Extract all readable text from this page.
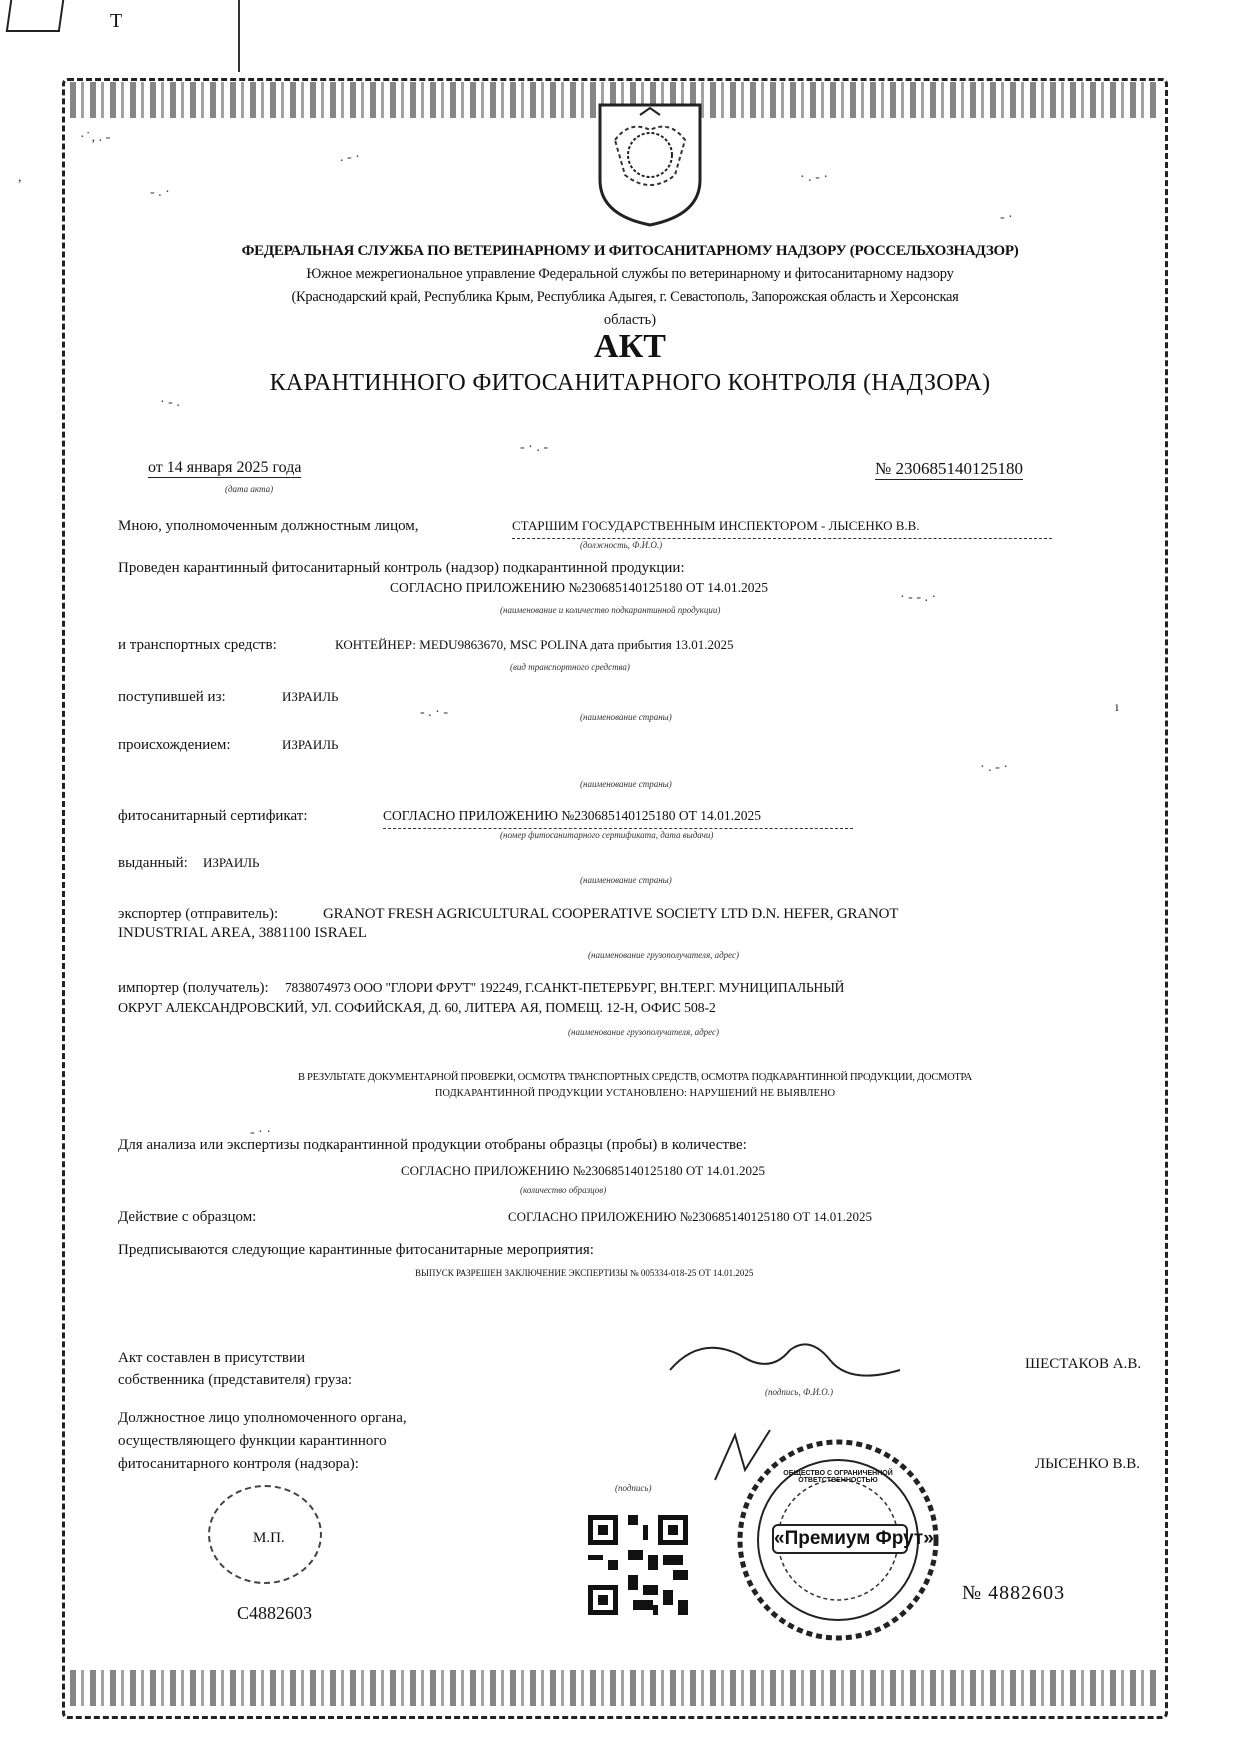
Т
ФЕДЕРАЛЬНАЯ СЛУЖБА ПО ВЕТЕРИНАРНОМУ И ФИТОСАНИТАРНОМУ НАДЗОРУ (РОССЕЛЬХОЗНАДЗОР)
Южное межрегиональное управление Федеральной службы по ветеринарному и фитосанитарному надзору
(Краснодарский край, Республика Крым, Республика Адыгея, г. Севастополь, Запорожская область и Херсонская
область)
АКТ
КАРАНТИННОГО ФИТОСАНИТАРНОГО КОНТРОЛЯ (НАДЗОРА)
от 14 января 2025 года
(дата акта)
№ 230685140125180
Мною, уполномоченным должностным лицом,	СТАРШИМ ГОСУДАРСТВЕННЫМ ИНСПЕКТОРОМ - ЛЫСЕНКО В.В.
(должность, Ф.И.О.)
Проведен карантинный фитосанитарный контроль (надзор) подкарантинной продукции:
СОГЛАСНО ПРИЛОЖЕНИЮ №230685140125180 ОТ 14.01.2025
(наименование и количество подкарантинной продукции)
и транспортных средств:	КОНТЕЙНЕР: MEDU9863670, MSC POLINA дата прибытия 13.01.2025
(вид транспортного средства)
поступившей из:	ИЗРАИЛЬ
(наименование страны)
происхождением:	ИЗРАИЛЬ
(наименование страны)
фитосанитарный сертификат:	СОГЛАСНО ПРИЛОЖЕНИЮ №230685140125180 ОТ 14.01.2025
(номер фитосанитарного сертификата, дата выдачи)
выданный: ИЗРАИЛЬ
(наименование страны)
экспортер (отправитель):	GRANOT FRESH AGRICULTURAL COOPERATIVE SOCIETY LTD D.N. HEFER, GRANOT
INDUSTRIAL AREA, 3881100 ISRAEL
(наименование грузополучателя, адрес)
импортер (получатель): 7838074973 ООО "ГЛОРИ ФРУТ" 192249, Г.САНКТ-ПЕТЕРБУРГ, ВН.ТЕР.Г. МУНИЦИПАЛЬНЫЙ
ОКРУГ АЛЕКСАНДРОВСКИЙ, УЛ. СОФИЙСКАЯ, Д. 60, ЛИТЕРА АЯ, ПОМЕЩ. 12-Н, ОФИС 508-2
(наименование грузополучателя, адрес)
В РЕЗУЛЬТАТЕ ДОКУМЕНТАРНОЙ ПРОВЕРКИ, ОСМОТРА ТРАНСПОРТНЫХ СРЕДСТВ, ОСМОТРА ПОДКАРАНТИННОЙ ПРОДУКЦИИ, ДОСМОТРА
ПОДКАРАНТИННОЙ ПРОДУКЦИИ УСТАНОВЛЕНО: НАРУШЕНИЙ НЕ ВЫЯВЛЕНО
Для анализа или экспертизы подкарантинной продукции отобраны образцы (пробы) в количестве:
СОГЛАСНО ПРИЛОЖЕНИЮ №230685140125180 ОТ 14.01.2025
(количество образцов)
Действие с образцом:	СОГЛАСНО ПРИЛОЖЕНИЮ №230685140125180 ОТ 14.01.2025
Предписываются следующие карантинные фитосанитарные мероприятия:
ВЫПУСК РАЗРЕШЕН ЗАКЛЮЧЕНИЕ ЭКСПЕРТИЗЫ № 005334-018-25 ОТ 14.01.2025
Акт составлен в присутствии
собственника (представителя) груза:
(подпись, Ф.И.О.)
ШЕСТАКОВ А.В.
Должностное лицо уполномоченного органа,
осуществляющего функции карантинного
фитосанитарного контроля (надзора):
(подпись)
ЛЫСЕНКО В.В.
М.П.
С4882603
№ 4882603
«Премиум Фрут»
ОБЩЕСТВО С ОГРАНИЧЕННОЙ ОТВЕТСТВЕННОСТЬЮ
· ̇ , . ‐
‐ . ·
. ‐ ·
· . ‐ ·
‐ ·
· ‐ .
‐ · . ‐
· ‐ ‐ . ·
‐ . · ‐
· . ‐ ·
‐ · ·
ı
,
